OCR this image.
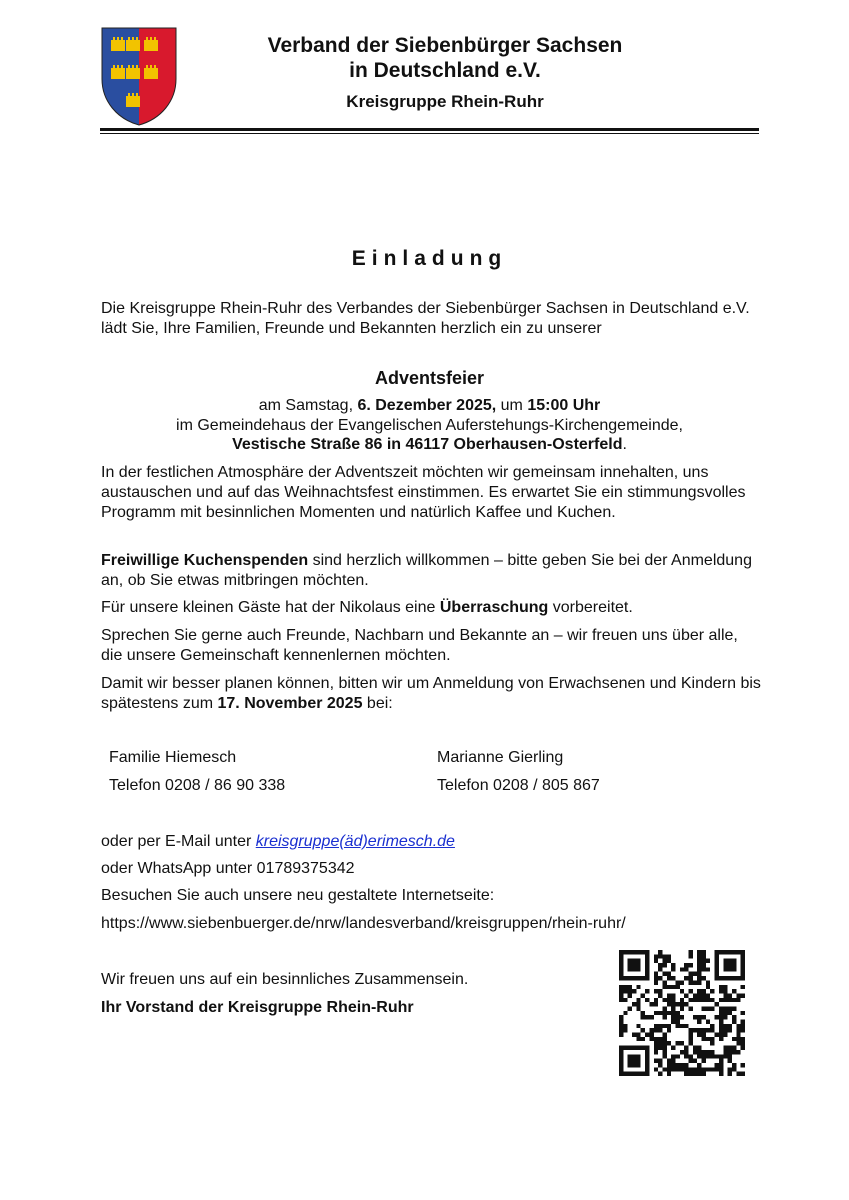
Verband der Siebenbürger Sachsen
in Deutschland e.V.
Kreisgruppe Rhein-Ruhr
Einladung

Die Kreisgruppe Rhein-Ruhr des Verbandes der Siebenbürger Sachsen in Deutschland e.V. lädt Sie, Ihre Familien, Freunde und Bekannten herzlich ein zu unserer

Adventsfeier
am Samstag, 6. Dezember 2025, um 15:00 Uhr
im Gemeindehaus der Evangelischen Auferstehungs-Kirchengemeinde,
Vestische Straße 86 in 46117 Oberhausen-Osterfeld.

In der festlichen Atmosphäre der Adventszeit möchten wir gemeinsam innehalten, uns austauschen und auf das Weihnachtsfest einstimmen. Es erwartet Sie ein stimmungsvolles Programm mit besinnlichen Momenten und natürlich Kaffee und Kuchen.

Freiwillige Kuchenspenden sind herzlich willkommen – bitte geben Sie bei der Anmeldung an, ob Sie etwas mitbringen möchten.

Für unsere kleinen Gäste hat der Nikolaus eine Überraschung vorbereitet.

Sprechen Sie gerne auch Freunde, Nachbarn und Bekannte an – wir freuen uns über alle, die unsere Gemeinschaft kennenlernen möchten.

Damit wir besser planen können, bitten wir um Anmeldung von Erwachsenen und Kindern bis spätestens zum 17. November 2025 bei:

Familie Hiemesch
Telefon 0208 / 86 90 338
Marianne Gierling
Telefon 0208 / 805 867
oder per E-Mail unter kreisgruppe(äd)erimesch.de
oder WhatsApp unter 01789375342
Besuchen Sie auch unsere neu gestaltete Internetseite:
https://www.siebenbuerger.de/nrw/landesverband/kreisgruppen/rhein-ruhr/
Wir freuen uns auf ein besinnliches Zusammensein.
Ihr Vorstand der Kreisgruppe Rhein-Ruhr
